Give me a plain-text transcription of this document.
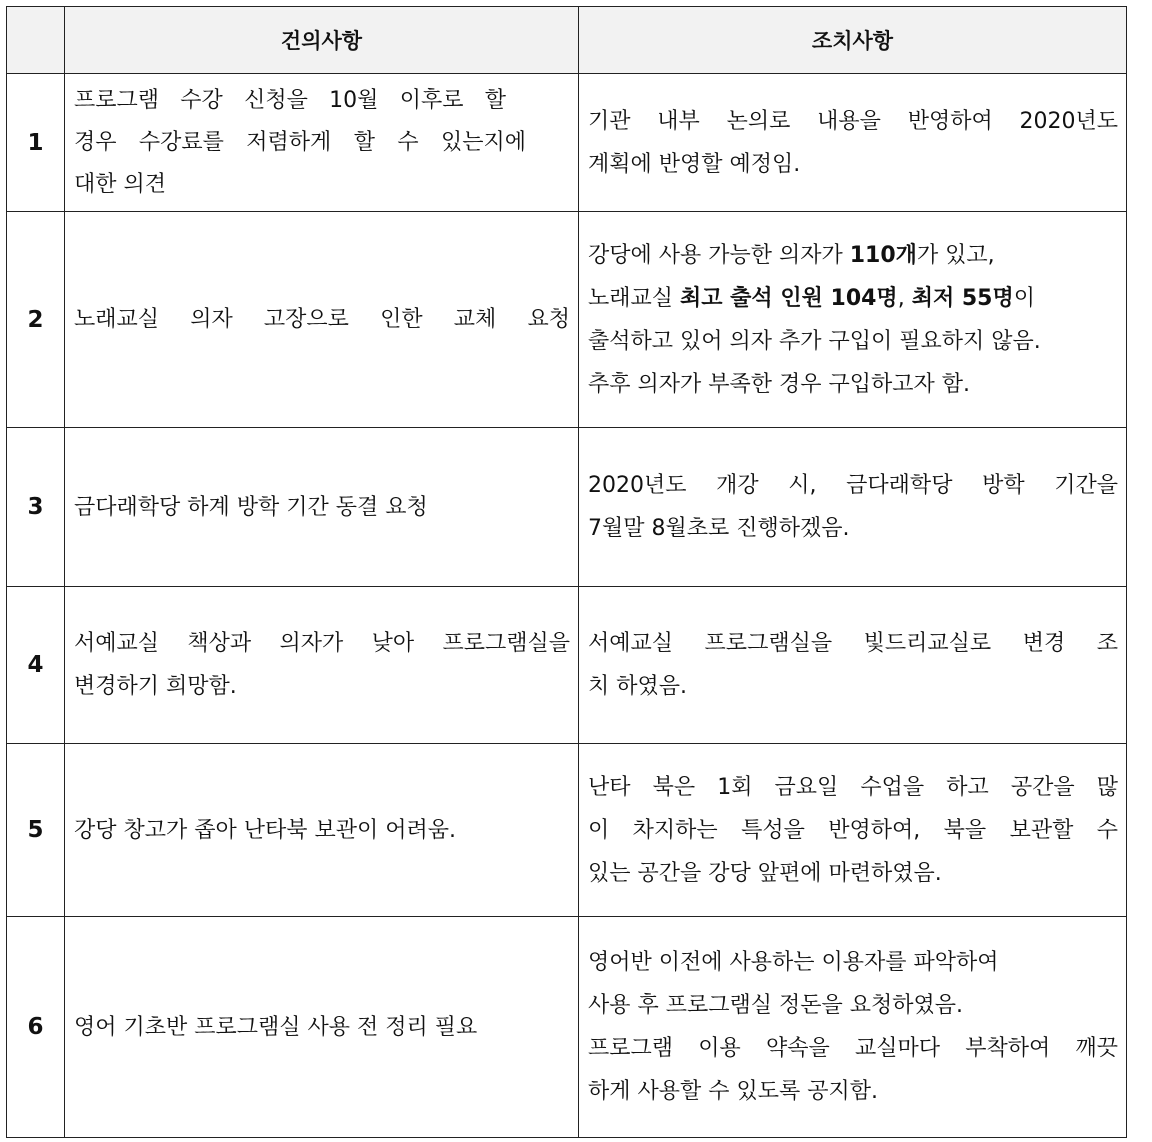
	건의사항	조치사항
1	프로그램 수강 신청을 10월 이후로 할
경우 수강료를 저렴하게 할 수 있는지에
대한 의견	기관 내부 논의로 내용을 반영하여 2020년도
계획에 반영할 예정임.

2	노래교실 의자 고장으로 인한 교체 요청	강당에 사용 가능한 의자가 110개가 있고,
노래교실 최고 출석 인원 104명, 최저 55명이
출석하고 있어 의자 추가 구입이 필요하지 않음.
추후 의자가 부족한 경우 구입하고자 함.

3	금다래학당 하계 방학 기간 동결 요청	2020년도 개강 시, 금다래학당 방학 기간을
7월말 8월초로 진행하겠음.

4	서예교실 책상과 의자가 낮아 프로그램실을
변경하기 희망함.	서예교실 프로그램실을 빛드리교실로 변경 조
치 하였음.

5	강당 창고가 좁아 난타북 보관이 어려움.	난타 북은 1회 금요일 수업을 하고 공간을 많
이 차지하는 특성을 반영하여, 북을 보관할 수
있는 공간을 강당 앞편에 마련하였음.

6	영어 기초반 프로그램실 사용 전 정리 필요	영어반 이전에 사용하는 이용자를 파악하여
사용 후 프로그램실 정돈을 요청하였음.
프로그램 이용 약속을 교실마다 부착하여 깨끗
하게 사용할 수 있도록 공지함.
